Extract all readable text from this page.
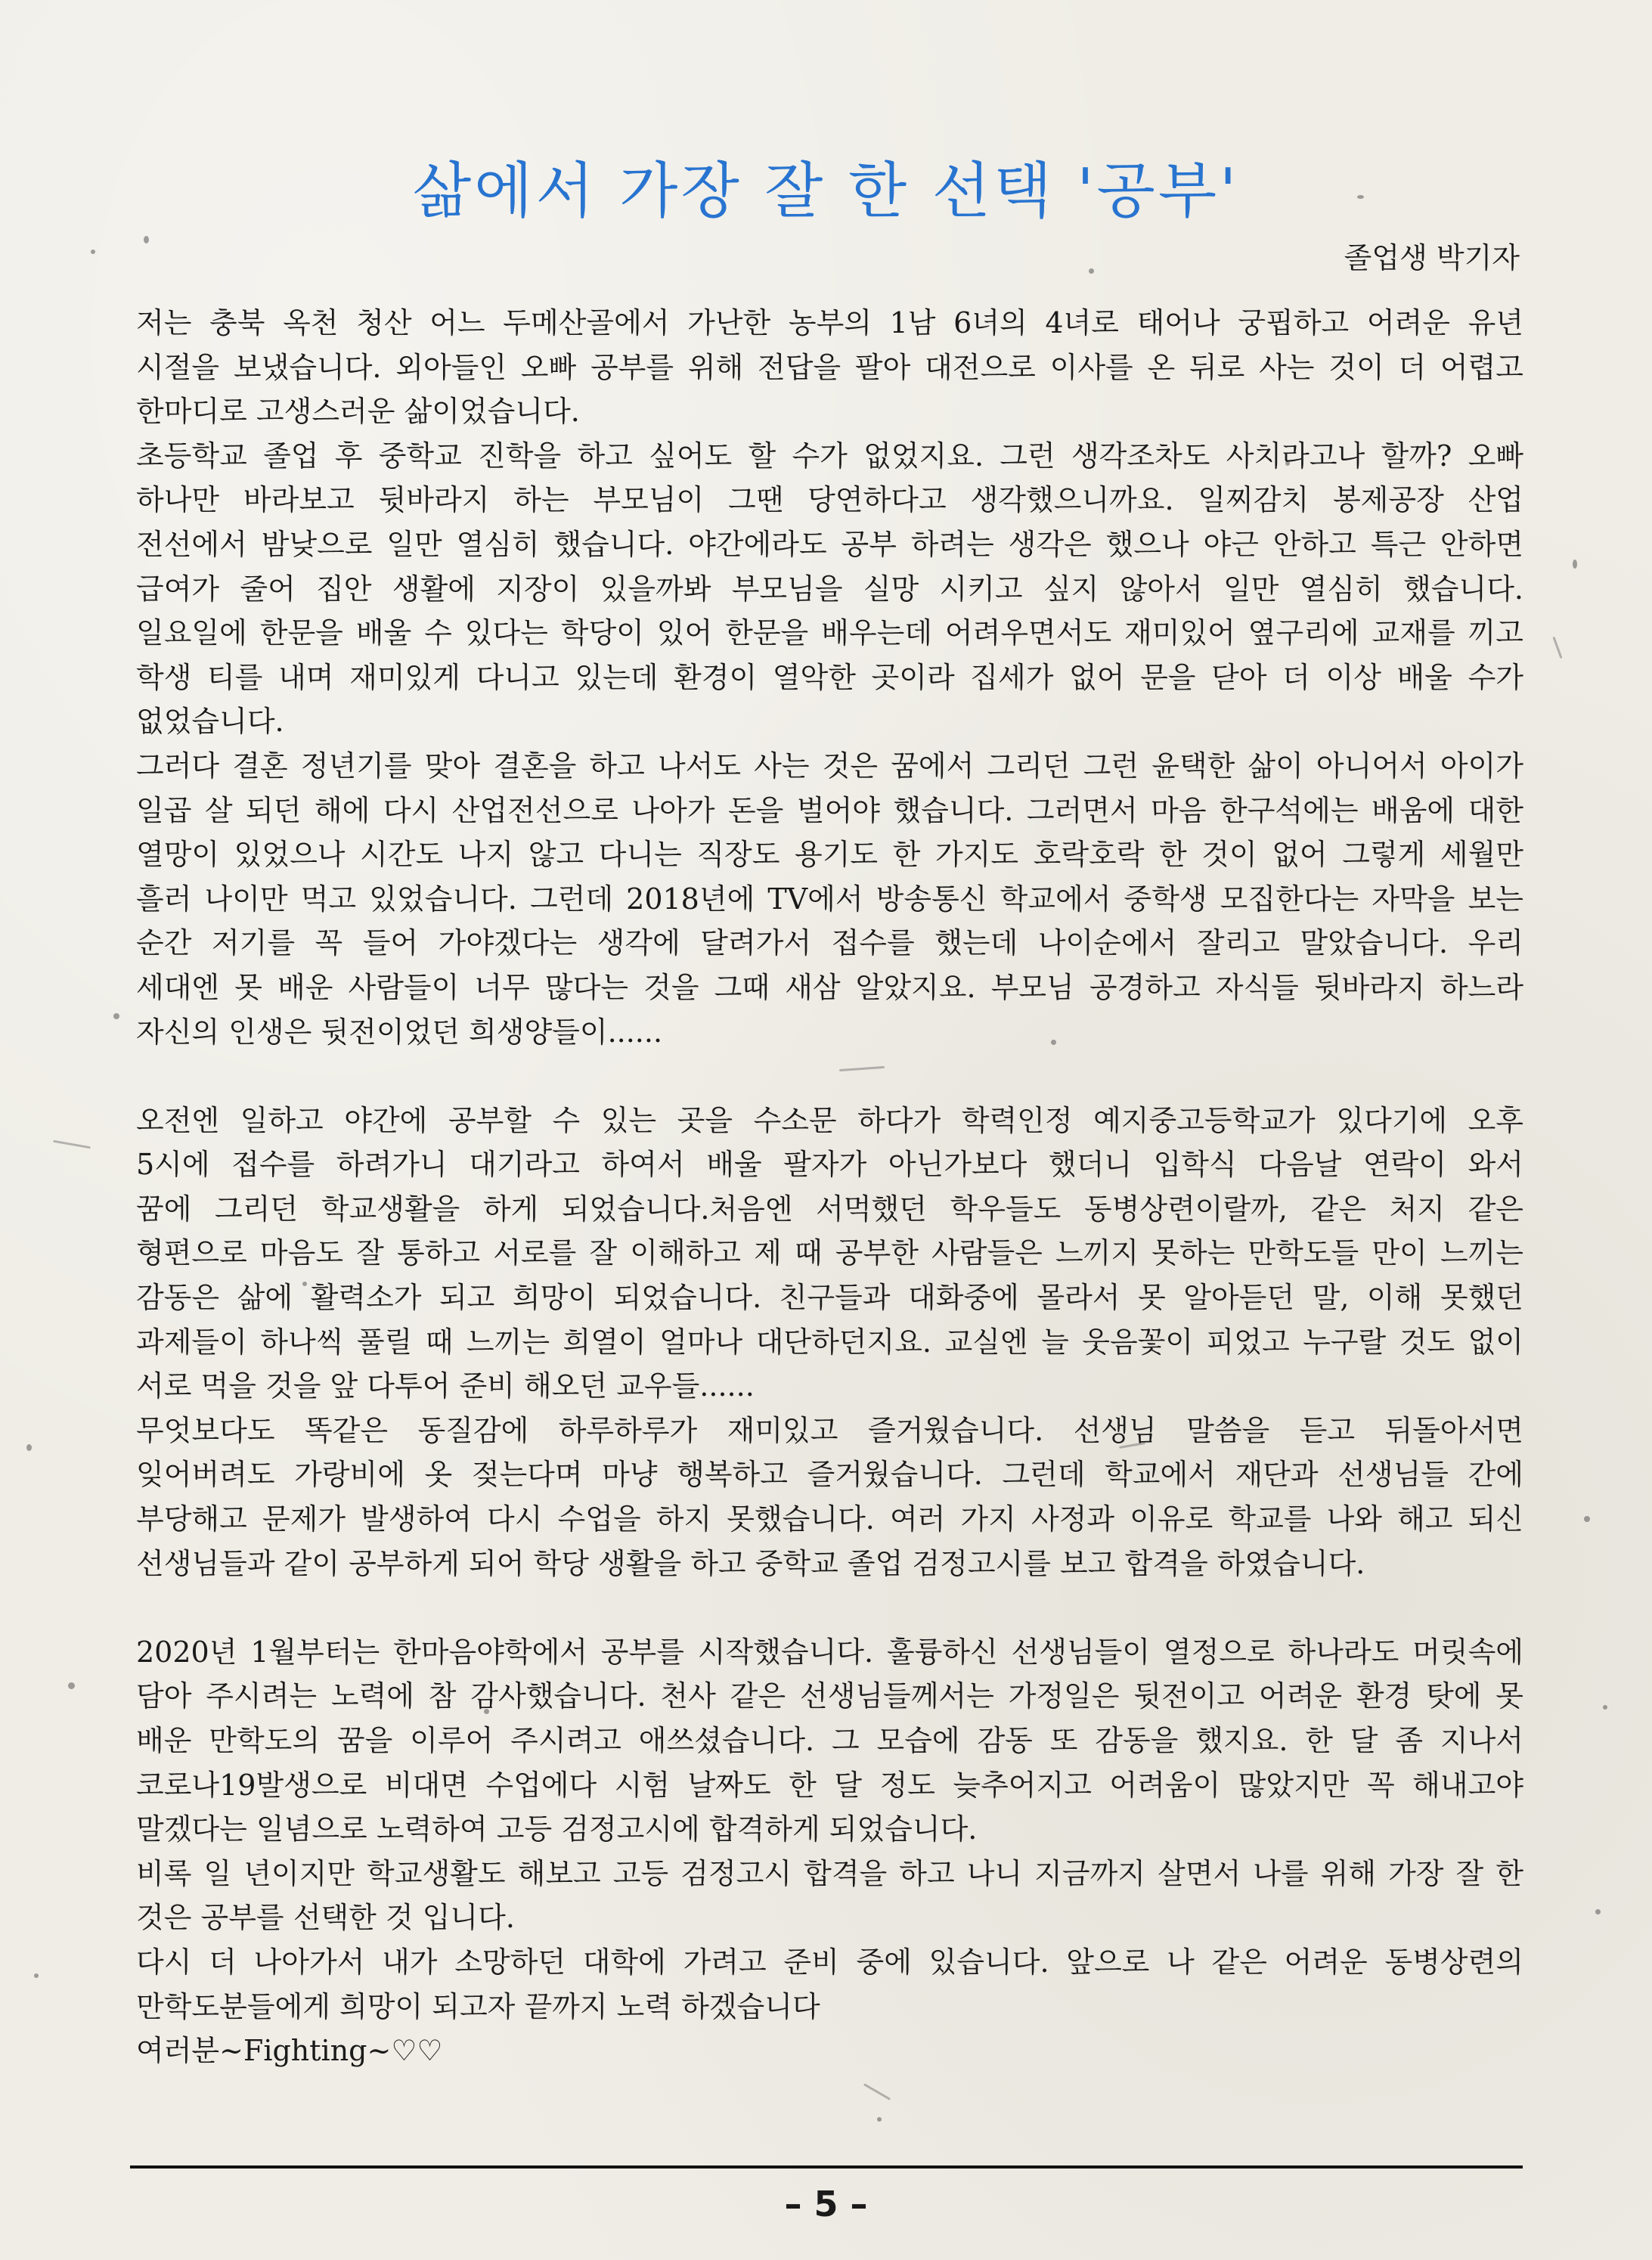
삶에서 가장 잘 한 선택 '공부'

졸업생 박기자

저는 충북 옥천 청산 어느 두메산골에서 가난한 농부의 1남 6녀의 4녀로 태어나 궁핍하고 어려운 유년
시절을 보냈습니다. 외아들인 오빠 공부를 위해 전답을 팔아 대전으로 이사를 온 뒤로 사는 것이 더 어렵고
한마디로 고생스러운 삶이었습니다.
초등학교 졸업 후 중학교 진학을 하고 싶어도 할 수가 없었지요. 그런 생각조차도 사치라고나 할까? 오빠
하나만 바라보고 뒷바라지 하는 부모님이 그땐 당연하다고 생각했으니까요. 일찌감치 봉제공장 산업
전선에서 밤낮으로 일만 열심히 했습니다. 야간에라도 공부 하려는 생각은 했으나 야근 안하고 특근 안하면
급여가 줄어 집안 생활에 지장이 있을까봐 부모님을 실망 시키고 싶지 않아서 일만 열심히 했습니다.
일요일에 한문을 배울 수 있다는 학당이 있어 한문을 배우는데 어려우면서도 재미있어 옆구리에 교재를 끼고
학생 티를 내며 재미있게 다니고 있는데 환경이 열악한 곳이라 집세가 없어 문을 닫아 더 이상 배울 수가
없었습니다.
그러다 결혼 정년기를 맞아 결혼을 하고 나서도 사는 것은 꿈에서 그리던 그런 윤택한 삶이 아니어서 아이가
일곱 살 되던 해에 다시 산업전선으로 나아가 돈을 벌어야 했습니다. 그러면서 마음 한구석에는 배움에 대한
열망이 있었으나 시간도 나지 않고 다니는 직장도 용기도 한 가지도 호락호락 한 것이 없어 그렇게 세월만
흘러 나이만 먹고 있었습니다. 그런데 2018년에 TV에서 방송통신 학교에서 중학생 모집한다는 자막을 보는
순간 저기를 꼭 들어 가야겠다는 생각에 달려가서 접수를 했는데 나이순에서 잘리고 말았습니다. 우리
세대엔 못 배운 사람들이 너무 많다는 것을 그때 새삼 알았지요. 부모님 공경하고 자식들 뒷바라지 하느라
자신의 인생은 뒷전이었던 희생양들이......
오전엔 일하고 야간에 공부할 수 있는 곳을 수소문 하다가 학력인정 예지중고등학교가 있다기에 오후
5시에 접수를 하려가니 대기라고 하여서 배울 팔자가 아닌가보다 했더니 입학식 다음날 연락이 와서
꿈에 그리던 학교생활을 하게 되었습니다.처음엔 서먹했던 학우들도 동병상련이랄까, 같은 처지 같은
형편으로 마음도 잘 통하고 서로를 잘 이해하고 제 때 공부한 사람들은 느끼지 못하는 만학도들 만이 느끼는
감동은 삶에 활력소가 되고 희망이 되었습니다. 친구들과 대화중에 몰라서 못 알아듣던 말, 이해 못했던
과제들이 하나씩 풀릴 때 느끼는 희열이 얼마나 대단하던지요. 교실엔 늘 웃음꽃이 피었고 누구랄 것도 없이
서로 먹을 것을 앞 다투어 준비 해오던 교우들......
무엇보다도 똑같은 동질감에 하루하루가 재미있고 즐거웠습니다. 선생님 말씀을 듣고 뒤돌아서면
잊어버려도 가랑비에 옷 젖는다며 마냥 행복하고 즐거웠습니다. 그런데 학교에서 재단과 선생님들 간에
부당해고 문제가 발생하여 다시 수업을 하지 못했습니다. 여러 가지 사정과 이유로 학교를 나와 해고 되신
선생님들과 같이 공부하게 되어 학당 생활을 하고 중학교 졸업 검정고시를 보고 합격을 하였습니다.
2020년 1월부터는 한마음야학에서 공부를 시작했습니다. 훌륭하신 선생님들이 열정으로 하나라도 머릿속에
담아 주시려는 노력에 참 감사했습니다. 천사 같은 선생님들께서는 가정일은 뒷전이고 어려운 환경 탓에 못
배운 만학도의 꿈을 이루어 주시려고 애쓰셨습니다. 그 모습에 감동 또 감동을 했지요. 한 달 좀 지나서
코로나19발생으로 비대면 수업에다 시험 날짜도 한 달 정도 늦추어지고 어려움이 많았지만 꼭 해내고야
말겠다는 일념으로 노력하여 고등 검정고시에 합격하게 되었습니다.
비록 일 년이지만 학교생활도 해보고 고등 검정고시 합격을 하고 나니 지금까지 살면서 나를 위해 가장 잘 한
것은 공부를 선택한 것 입니다.
다시 더 나아가서 내가 소망하던 대학에 가려고 준비 중에 있습니다. 앞으로 나 같은 어려운 동병상련의
만학도분들에게 희망이 되고자 끝까지 노력 하겠습니다
여러분~Fighting~♡♡

– 5 –
